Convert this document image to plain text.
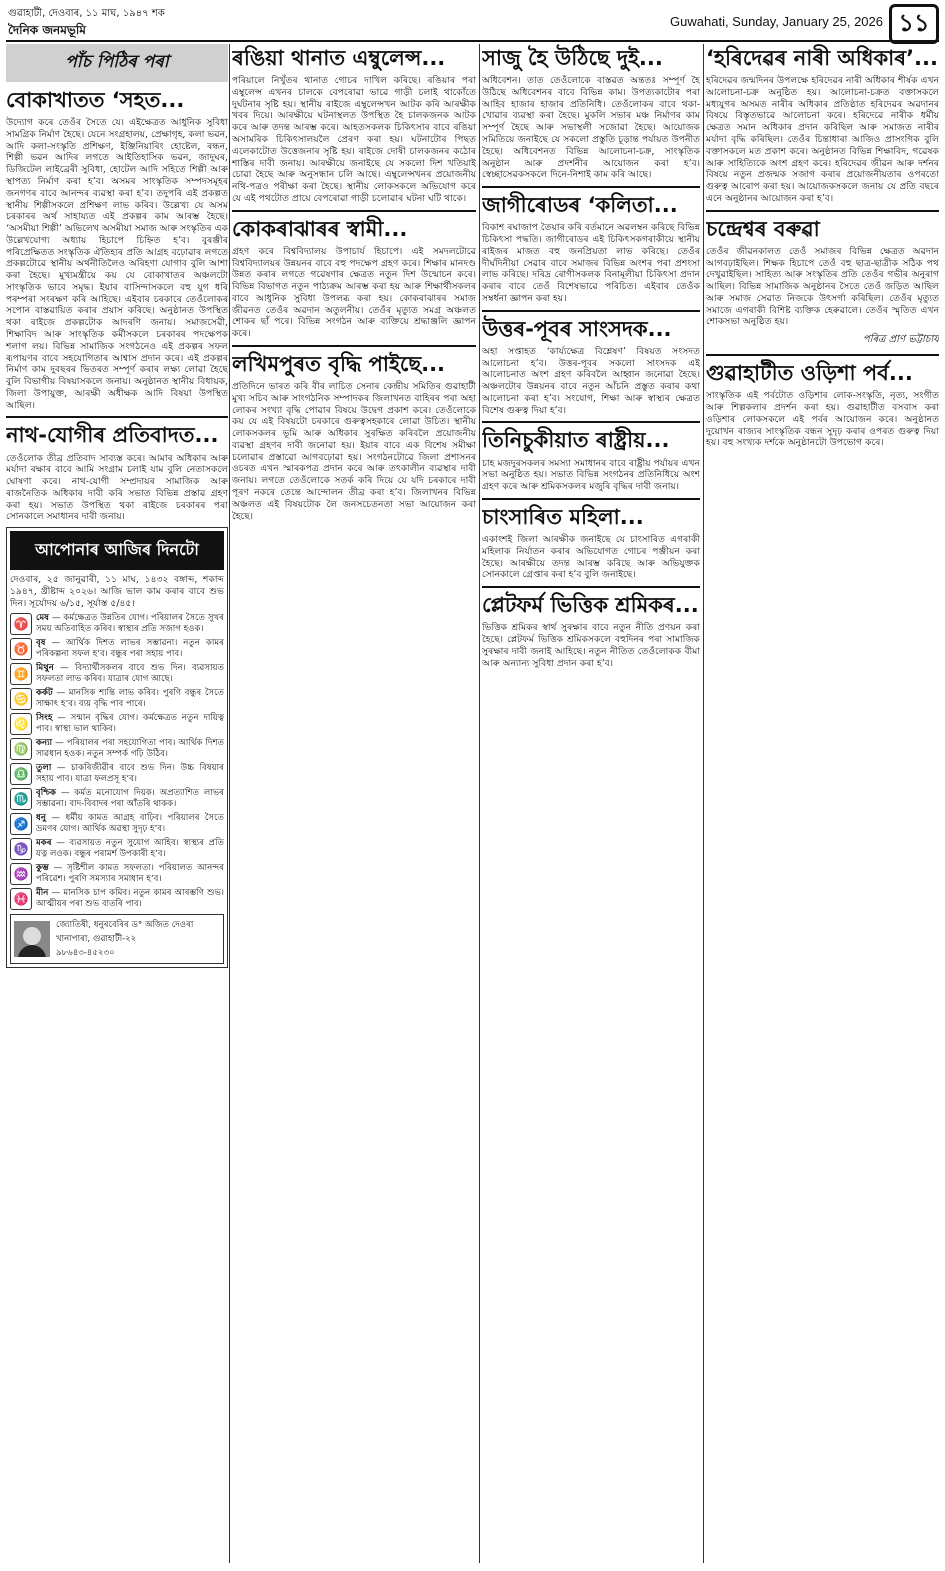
গুৱাহাটী, দেওবাৰ, ১১ মাঘ, ১৯৪৭ শক
দৈনিক জনমভূমি
Guwahati, Sunday, January 25, 2026 ১১
পাঁচ পিঠিৰ পৰা
বোকাখাতত ‘সহত...

উদ্যোগ কৰে তেওঁৰ সৈতে যে। এইক্ষেত্ৰত আধুনিক সুবিধা সামগ্ৰিক নিৰ্মাণ হৈছে। যেনে সংগ্ৰহালয়, প্ৰেক্ষাগৃহ, কলা ভৱন, আদি কলা-সংস্কৃতি প্ৰশিক্ষণ, ইঞ্জিনিয়াৰিং হোষ্টেল, ৰন্ধন, শিল্পী ভৱন আদিৰ লগতে আইতিহাসিক ভৱন, জাদুঘৰ, ডিজিটেল লাইব্ৰেৰী সুবিধা, হোটেল আদি সহিতে শিল্পী আৰু স্থাপত্য নিৰ্মাণ কৰা হ’ব। অসমৰ সাংস্কৃতিক সম্পদসমূহৰ জনগণৰ বাবে আনন্দৰ ব্যৱস্থা কৰা হ’ব। তদুপৰি এই প্ৰকল্পত স্থানীয় শিল্পীসকলে প্ৰশিক্ষণ লাভ কৰিব। উল্লেখ্য যে অসম চৰকাৰৰ অৰ্থ সাহায্যত এই প্ৰকল্পৰ কাম আৰম্ভ হৈছে। ‘অসমীয়া শিল্পী’ অভিলেখ অসমীয়া সমাজ আৰু সংস্কৃতিৰ এক উল্লেখযোগ্য অধ্যায় হিচাপে চিহ্নিত হ’ব। বুৰঞ্জীৰ পৰিপ্ৰেক্ষিতত সংস্কৃতিক ঐতিহ্যৰ প্ৰতি আগ্ৰহ বঢ়োৱাৰ লগতে প্ৰকল্পটোৱে স্থানীয় অৰ্থনীতিলৈও অৰিহণা যোগাব বুলি আশা কৰা হৈছে। মুখ্যমন্ত্ৰীয়ে কয় যে বোকাখাতৰ অঞ্চলটো সাংস্কৃতিক ভাবে সমৃদ্ধ। ইয়াৰ বাসিন্দাসকলে বহু যুগ ধৰি পৰম্পৰা সংৰক্ষণ কৰি আহিছে। এইবাৰ চৰকাৰে তেওঁলোকৰ সপোন বাস্তৱায়িত কৰাৰ প্ৰয়াস কৰিছে। অনুষ্ঠানত উপস্থিত থকা ৰাইজে প্ৰকল্পটোক আদৰণি জনায়। সমাজসেৱী, শিক্ষাবিদ আৰু সাংস্কৃতিক কৰ্মীসকলে চৰকাৰৰ পদক্ষেপক শলাগ লয়। বিভিন্ন সামাজিক সংগঠনেও এই প্ৰকল্পৰ সফল ৰূপায়ণৰ বাবে সহযোগিতাৰ আশ্বাস প্ৰদান কৰে। এই প্ৰকল্পৰ নিৰ্মাণ কাম দুবছৰৰ ভিতৰত সম্পূৰ্ণ কৰাৰ লক্ষ্য লোৱা হৈছে বুলি বিভাগীয় বিষয়াসকলে জনায়। অনুষ্ঠানত স্থানীয় বিধায়ক, জিলা উপায়ুক্ত, আৰক্ষী অধীক্ষক আদি বিষয়া উপস্থিত আছিল।

নাথ-যোগীৰ প্ৰতিবাদত...

তেওঁলোক তীব্ৰ প্ৰতিবাদ সাব্যস্ত কৰে। আমাৰ অধিকাৰ আৰু মৰ্যাদা ৰক্ষাৰ বাবে আমি সংগ্ৰাম চলাই যাম বুলি নেতাসকলে ঘোষণা কৰে। নাথ-যোগী সম্প্ৰদায়ৰ সামাজিক আৰু ৰাজনৈতিক অধিকাৰ দাবী কৰি সভাত বিভিন্ন প্ৰস্তাৱ গ্ৰহণ কৰা হয়। সভাত উপস্থিত থকা ৰাইজে চৰকাৰৰ পৰা সোনকালে সমাধানৰ দাবী জনায়।

আপোনাৰ আজিৰ দিনটো

দেওবাৰ, ২৫ জানুৱাৰী, ১১ মাঘ, ১৪৩২ বঙ্গাব্দ, শকাব্দ ১৯৪৭, খ্ৰীষ্টাব্দ ২০২৬। আজি ভাল কাম কৰাৰ বাবে শুভ দিন। সূৰ্যোদয় ৬/১৫, সূৰ্যাস্ত ৫/৪৫।

♈ মেষ — কৰ্মক্ষেত্ৰত উন্নতিৰ যোগ। পৰিয়ালৰ সৈতে সুখৰ সময় অতিবাহিত কৰিব। স্বাস্থ্যৰ প্ৰতি সজাগ হওক।
♉ বৃষ — আৰ্থিক দিশত লাভৰ সম্ভাৱনা। নতুন কামৰ পৰিকল্পনা সফল হ’ব। বন্ধুৰ পৰা সহায় পাব।
♊ মিথুন — বিদ্যাৰ্থীসকলৰ বাবে শুভ দিন। ব্যৱসায়ত সফলতা লাভ কৰিব। যাত্ৰাৰ যোগ আছে।
♋ কৰ্কট — মানসিক শান্তি লাভ কৰিব। পুৰণি বন্ধুৰ সৈতে সাক্ষাৎ হ’ব। ব্যয় বৃদ্ধি পাব পাৰে।
♌ সিংহ — সন্মান বৃদ্ধিৰ যোগ। কৰ্মক্ষেত্ৰত নতুন দায়িত্ব পাব। স্বাস্থ্য ভাল থাকিব।
♍ কন্যা — পৰিয়ালৰ পৰা সহযোগিতা পাব। আৰ্থিক দিশত সাৱধান হওক। নতুন সম্পৰ্ক গঢ়ি উঠিব।
♎ তুলা — চাকৰিজীৱীৰ বাবে শুভ দিন। উচ্চ বিষয়াৰ সহায় পাব। যাত্ৰা ফলপ্ৰসূ হ’ব।
♏ বৃশ্চিক — কৰ্মত মনোযোগ দিয়ক। অপ্ৰত্যাশিত লাভৰ সম্ভাৱনা। বাদ-বিবাদৰ পৰা আঁতৰি থাকক।
♐ ধনু — ধৰ্মীয় কামত আগ্ৰহ বাঢ়িব। পৰিয়ালৰ সৈতে ভ্ৰমণৰ যোগ। আৰ্থিক অৱস্থা সুদৃঢ় হ’ব।
♑ মকৰ — ব্যৱসায়ত নতুন সুযোগ আহিব। স্বাস্থ্যৰ প্ৰতি যত্ন লওক। বন্ধুৰ পৰামৰ্শ উপকাৰী হ’ব।
♒ কুম্ভ — সৃষ্টিশীল কামত সফলতা। পৰিয়ালত আনন্দৰ পৰিৱেশ। পুৰণি সমস্যাৰ সমাধান হ’ব।
♓ মীন — মানসিক চাপ কমিব। নতুন কামৰ আৰম্ভণি শুভ। আত্মীয়ৰ পৰা শুভ বাতৰি পাব।
জ্যোতিষী, ধনুৰবেৰিৰ ড° অজিত দেওৰা
খানাপাৰা, গুৱাহাটী-২২
৯৮৬৪৩-৪৫২৩০
ৰঙিয়া থানাত এম্বুলেন্স...

পৰিয়ালে নিখুঁতৰ থানাত গোচৰ দাখিল কৰিছে। ৰঙিয়াৰ পৰা এম্বুলেন্স এখনৰ চালকে বেপৰোৱা ভাৱে গাড়ী চলাই থাকোঁতে দুৰ্ঘটনাৰ সৃষ্টি হয়। স্থানীয় ৰাইজে এম্বুলেন্সখন আটক কৰি আৰক্ষীক খবৰ দিয়ে। আৰক্ষীয়ে ঘটনাস্থলত উপস্থিত হৈ চালকজনক আটক কৰে আৰু তদন্ত আৰম্ভ কৰে। আহতসকলক চিকিৎসাৰ বাবে ৰঙিয়া অসামৰিক চিকিৎসালয়লৈ প্ৰেৰণ কৰা হয়। ঘটনাটোৰ পিছত এলেকাটোত উত্তেজনাৰ সৃষ্টি হয়। ৰাইজে দোষী চালকজনৰ কঠোৰ শাস্তিৰ দাবী জনায়। আৰক্ষীয়ে জনাইছে যে সকলো দিশ খতিয়াই চোৱা হৈছে আৰু অনুসন্ধান চলি আছে। এম্বুলেন্সখনৰ প্ৰয়োজনীয় নথি-পত্ৰও পৰীক্ষা কৰা হৈছে। স্থানীয় লোকসকলে অভিযোগ কৰে যে এই পথটোত প্ৰায়ে বেপৰোৱা গাড়ী চলোৱাৰ ঘটনা ঘটি থাকে।

কোকৰাঝাৰৰ স্বামী...

গ্ৰহণ কৰে বিশ্ববিদ্যালয় উপাচাৰ্য হিচাপে। এই সমদলটোৱে বিশ্ববিদ্যালয়ৰ উন্নয়নৰ বাবে বহু পদক্ষেপ গ্ৰহণ কৰে। শিক্ষাৰ মানদণ্ড উন্নত কৰাৰ লগতে গৱেষণাৰ ক্ষেত্ৰত নতুন দিশ উন্মোচন কৰে। বিভিন্ন বিভাগত নতুন পাঠ্যক্ৰম আৰম্ভ কৰা হয় আৰু শিক্ষাৰ্থীসকলৰ বাবে আধুনিক সুবিধা উপলব্ধ কৰা হয়। কোকৰাঝাৰৰ সমাজ জীৱনত তেওঁৰ অৱদান অতুলনীয়। তেওঁৰ মৃত্যুত সমগ্ৰ অঞ্চলত শোকৰ ছাঁ পৰে। বিভিন্ন সংগঠন আৰু ব্যক্তিয়ে শ্ৰদ্ধাঞ্জলি জ্ঞাপন কৰে।

লখিমপুৰত বৃদ্ধি পাইছে...

প্ৰতিদিনে ভাৰত কৰি বীৰ লাচিত সেনাৰ কেন্দ্ৰীয় সমিতিৰ গুৱাহাটী মুখ্য সচিব আৰু সাংগঠনিক সম্পাদকৰ জিলাখনত বাহিৰৰ পৰা অহা লোকৰ সংখ্যা বৃদ্ধি পোৱাৰ বিষয়ে উদ্বেগ প্ৰকাশ কৰে। তেওঁলোকে কয় যে এই বিষয়টো চৰকাৰে গুৰুত্বসহকাৰে লোৱা উচিত। স্থানীয় লোকসকলৰ ভূমি আৰু অধিকাৰ সুৰক্ষিত কৰিবলৈ প্ৰয়োজনীয় ব্যৱস্থা গ্ৰহণৰ দাবী জনোৱা হয়। ইয়াৰ বাবে এক বিশেষ সমীক্ষা চলোৱাৰ প্ৰস্তাৱো আগবঢ়োৱা হয়। সংগঠনটোৱে জিলা প্ৰশাসনৰ ওচৰত এখন স্মাৰকপত্ৰ প্ৰদান কৰে আৰু তৎকালীন ব্যৱস্থাৰ দাবী জনায়। লগতে তেওঁলোকে সতৰ্ক কৰি দিয়ে যে যদি চৰকাৰে দাবী পূৰণ নকৰে তেন্তে আন্দোলন তীব্ৰ কৰা হ’ব। জিলাখনৰ বিভিন্ন অঞ্চলত এই বিষয়টোক লৈ জনসচেতনতা সভা আয়োজন কৰা হৈছে।

সাজু হৈ উঠিছে দুই...

অধিবেশন। তাত তেওঁলোকে বাস্তৱত অন্ততঃ সম্পূৰ্ণ হৈ উঠিছে অধিবেশনৰ বাবে বিভিন্ন কাম। উপত্যকাটোৰ পৰা আহিব হাজাৰ হাজাৰ প্ৰতিনিধি। তেওঁলোকৰ বাবে থকা-খোৱাৰ ব্যৱস্থা কৰা হৈছে। মুকলি সভাৰ মঞ্চ নিৰ্মাণৰ কাম সম্পূৰ্ণ হৈছে আৰু সভাস্থলী সজোৱা হৈছে। আয়োজক সমিতিয়ে জনাইছে যে সকলো প্ৰস্তুতি চূড়ান্ত পৰ্যায়ত উপনীত হৈছে। অধিবেশনত বিভিন্ন আলোচনা-চক্ৰ, সাংস্কৃতিক অনুষ্ঠান আৰু প্ৰদৰ্শনীৰ আয়োজন কৰা হ’ব। স্বেচ্ছাসেৱকসকলে দিনে-নিশাই কাম কৰি আছে।

জাগীৰোডৰ ‘কলিতা...

বিকাশ ৰঘাজাপ তৈয়াৰ কৰি বৰ্তমানে অৱলম্বন কৰিছে বিভিন্ন চিকিৎসা পদ্ধতি। জাগীৰোডৰ এই চিকিৎসকগৰাকীয়ে স্থানীয় ৰাইজৰ মাজত বহু জনপ্ৰিয়তা লাভ কৰিছে। তেওঁৰ দীৰ্ঘদিনীয়া সেৱাৰ বাবে সমাজৰ বিভিন্ন অংশৰ পৰা প্ৰশংসা লাভ কৰিছে। দৰিদ্ৰ ৰোগীসকলক বিনামূলীয়া চিকিৎসা প্ৰদান কৰাৰ বাবে তেওঁ বিশেষভাৱে পৰিচিত। এইবাৰ তেওঁক সম্বৰ্ধনা জ্ঞাপন কৰা হয়।

উত্তৰ-পূবৰ সাংসদক...

অহা সপ্তাহত ‘কাৰ্য্যক্ষেত্ৰ বিশ্লেষণ’ বিষয়ত সংসদত আলোচনা হ’ব। উত্তৰ-পূবৰ সকলো সাংসদক এই আলোচনাত অংশ গ্ৰহণ কৰিবলৈ আহ্বান জনোৱা হৈছে। অঞ্চলটোৰ উন্নয়নৰ বাবে নতুন আঁচনি প্ৰস্তুত কৰাৰ কথা আলোচনা কৰা হ’ব। সংযোগ, শিক্ষা আৰু স্বাস্থ্যৰ ক্ষেত্ৰত বিশেষ গুৰুত্ব দিয়া হ’ব।

তিনিচুকীয়াত ৰাষ্ট্ৰীয়...

চাহ মজদুৰসকলৰ সমস্যা সমাধানৰ বাবে ৰাষ্ট্ৰীয় পৰ্যায়ৰ এখন সভা অনুষ্ঠিত হয়। সভাত বিভিন্ন সংগঠনৰ প্ৰতিনিধিয়ে অংশ গ্ৰহণ কৰে আৰু শ্ৰমিকসকলৰ মজুৰি বৃদ্ধিৰ দাবী জনায়।

চাংসাৰিত মহিলা...

একাংশই জিলা আৰক্ষীক জনাইছে যে চাংসাৰিত এগৰাকী মহিলাক নিৰ্যাতন কৰাৰ অভিযোগত গোচৰ পঞ্জীয়ন কৰা হৈছে। আৰক্ষীয়ে তদন্ত আৰম্ভ কৰিছে আৰু অভিযুক্তক সোনকালে গ্ৰেপ্তাৰ কৰা হ’ব বুলি জনাইছে।

প্লেটফৰ্ম ভিত্তিক শ্ৰমিকৰ...

ভিত্তিক শ্ৰমিকৰ স্বাৰ্থ সুৰক্ষাৰ বাবে নতুন নীতি প্ৰণয়ন কৰা হৈছে। প্লেটফৰ্ম ভিত্তিক শ্ৰমিকসকলে বহুদিনৰ পৰা সামাজিক সুৰক্ষাৰ দাবী জনাই আহিছে। নতুন নীতিত তেওঁলোকক বীমা আৰু অন্যান্য সুবিধা প্ৰদান কৰা হ’ব।

‘হৰিদেৱৰ নাৰী অধিকাৰ’...

হৰিদেৱৰ জন্মদিনৰ উপলক্ষে হৰিদেৱৰ নাৰী অধিকাৰ শীৰ্ষক এখন আলোচনা-চক্ৰ অনুষ্ঠিত হয়। আলোচনা-চক্ৰত বক্তাসকলে মধ্যযুগৰ অসমত নাৰীৰ অধিকাৰ প্ৰতিষ্ঠাত হৰিদেৱৰ অৱদানৰ বিষয়ে বিস্তৃতভাৱে আলোচনা কৰে। হৰিদেৱে নাৰীক ধৰ্মীয় ক্ষেত্ৰত সমান অধিকাৰ প্ৰদান কৰিছিল আৰু সমাজত নাৰীৰ মৰ্যাদা বৃদ্ধি কৰিছিল। তেওঁৰ চিন্তাধাৰা আজিও প্ৰাসংগিক বুলি বক্তাসকলে মত প্ৰকাশ কৰে। অনুষ্ঠানত বিভিন্ন শিক্ষাবিদ, গৱেষক আৰু সাহিত্যিকে অংশ গ্ৰহণ কৰে। হৰিদেৱৰ জীৱন আৰু দৰ্শনৰ বিষয়ে নতুন প্ৰজন্মক সজাগ কৰাৰ প্ৰয়োজনীয়তাৰ ওপৰতো গুৰুত্ব আৰোপ কৰা হয়। আয়োজকসকলে জনায় যে প্ৰতি বছৰে এনে অনুষ্ঠানৰ আয়োজন কৰা হ’ব।

চন্দ্ৰেশ্বৰ বৰুৱা

তেওঁৰ জীৱনকালত তেওঁ সমাজৰ বিভিন্ন ক্ষেত্ৰত অৱদান আগবঢ়াইছিল। শিক্ষক হিচাপে তেওঁ বহু ছাত্ৰ-ছাত্ৰীক সঠিক পথ দেখুৱাইছিল। সাহিত্য আৰু সংস্কৃতিৰ প্ৰতি তেওঁৰ গভীৰ অনুৰাগ আছিল। বিভিন্ন সামাজিক অনুষ্ঠানৰ সৈতে তেওঁ জড়িত আছিল আৰু সমাজ সেৱাত নিজকে উৎসৰ্গা কৰিছিল। তেওঁৰ মৃত্যুত সমাজে এগৰাকী বিশিষ্ট ব্যক্তিক হেৰুৱালে। তেওঁৰ স্মৃতিত এখন শোকসভা অনুষ্ঠিত হয়।

পৰিত্ৰ প্ৰাণ ভট্টাচাৰ্য
গুৱাহাটীত ওড়িশা পৰ্ব...

সাংস্কৃতিক এই পৰ্বটোত ওড়িশাৰ লোক-সংস্কৃতি, নৃত্য, সংগীত আৰু শিল্পকলাৰ প্ৰদৰ্শন কৰা হয়। গুৱাহাটীত বসবাস কৰা ওড়িশাৰ লোকসকলে এই পৰ্বৰ আয়োজন কৰে। অনুষ্ঠানত দুয়োখন ৰাজ্যৰ সাংস্কৃতিক বন্ধন সুদৃঢ় কৰাৰ ওপৰত গুৰুত্ব দিয়া হয়। বহু সংখ্যক দৰ্শকে অনুষ্ঠানটো উপভোগ কৰে।
